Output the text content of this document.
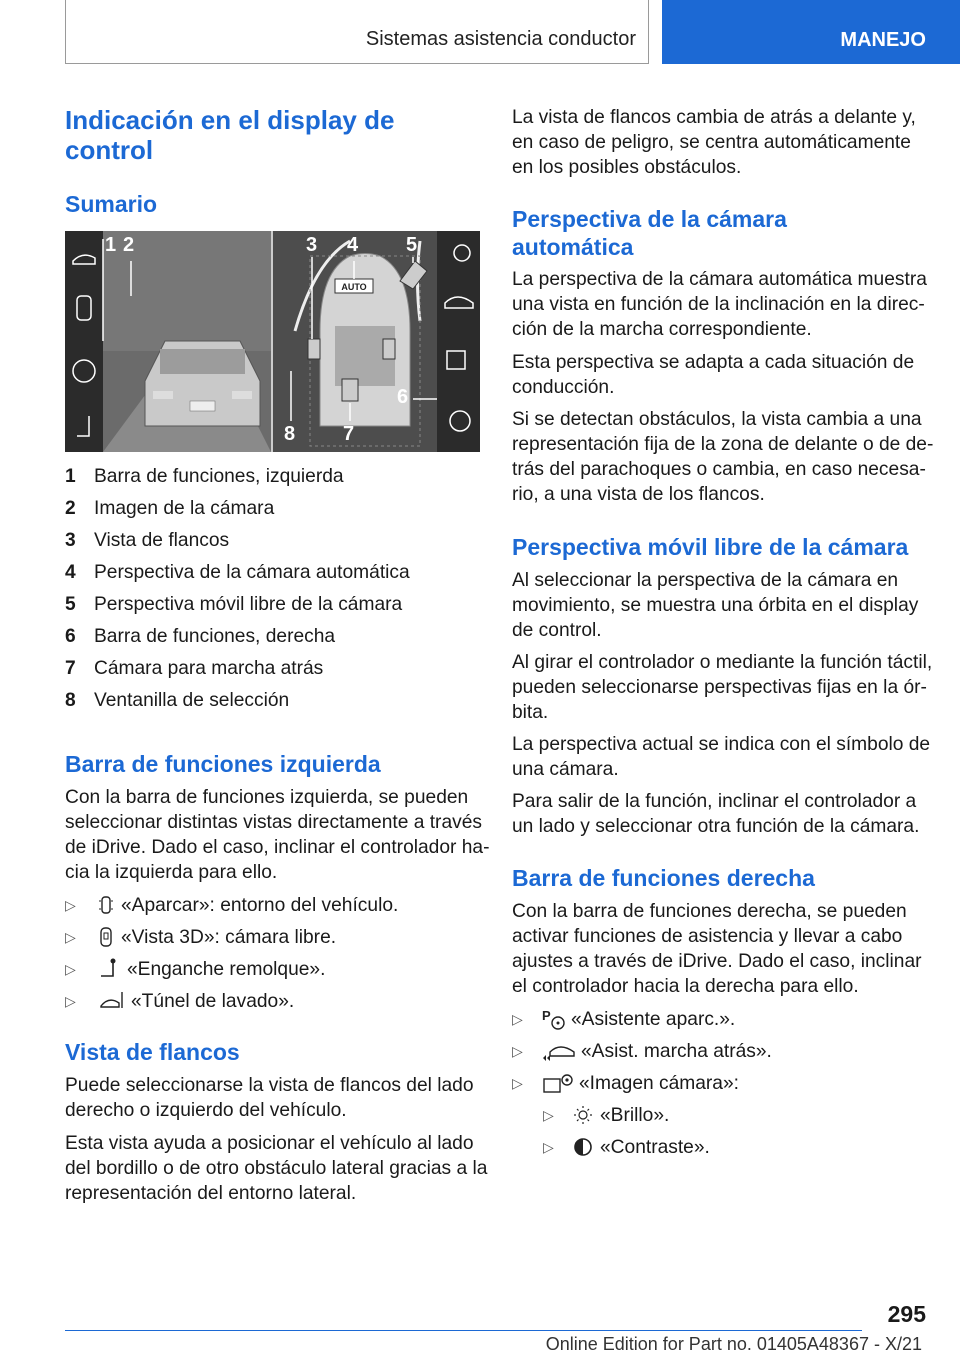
Sistemas asistencia conductor	MANEJO
Indicación en el display de
control
Sumario
AUTO
1 2	3 4 5
6
7
8
1 Barra de funciones, izquierda
2 Imagen de la cámara
3 Vista de flancos
4 Perspectiva de la cámara automática
5 Perspectiva móvil libre de la cámara
6 Barra de funciones, derecha
7 Cámara para marcha atrás
8 Ventanilla de selección
Barra de funciones izquierda

Con la barra de funciones izquierda, se pueden
seleccionar distintas vistas directamente a través
de iDrive. Dado el caso, inclinar el controlador ha-
cia la izquierda para ello.

▷ «Aparcar»: entorno del vehículo.
▷ «Vista 3D»: cámara libre.
▷	«Enganche remolque».
▷	«Túnel de lavado».
Vista de flancos

Puede seleccionarse la vista de flancos del lado
derecho o izquierdo del vehículo.

Esta vista ayuda a posicionar el vehículo al lado
del bordillo o de otro obstáculo lateral gracias a la
representación del entorno lateral.

La vista de flancos cambia de atrás a delante y,
en caso de peligro, se centra automáticamente
en los posibles obstáculos.

Perspectiva de la cámara
automática

La perspectiva de la cámara automática muestra
una vista en función de la inclinación en la direc-
ción de la marcha correspondiente.

Esta perspectiva se adapta a cada situación de
conducción.

Si se detectan obstáculos, la vista cambia a una
representación fija de la zona de delante o de de-
trás del parachoques o cambia, en caso necesa-
rio, a una vista de los flancos.

Perspectiva móvil libre de la cámara

Al seleccionar la perspectiva de la cámara en
movimiento, se muestra una órbita en el display
de control.

Al girar el controlador o mediante la función táctil,
pueden seleccionarse perspectivas fijas en la ór-
bita.

La perspectiva actual se indica con el símbolo de
una cámara.

Para salir de la función, inclinar el controlador a
un lado y seleccionar otra función de la cámara.

Barra de funciones derecha

Con la barra de funciones derecha, se pueden
activar funciones de asistencia y llevar a cabo
ajustes a través de iDrive. Dado el caso, inclinar
el controlador hacia la derecha para ello.

▷ P «Asistente aparc.».
▷	«Asist. marcha atrás».
▷	«Imagen cámara»:
▷ «Brillo».
▷ «Contraste».
295
Online Edition for Part no. 01405A48367 - X/21
